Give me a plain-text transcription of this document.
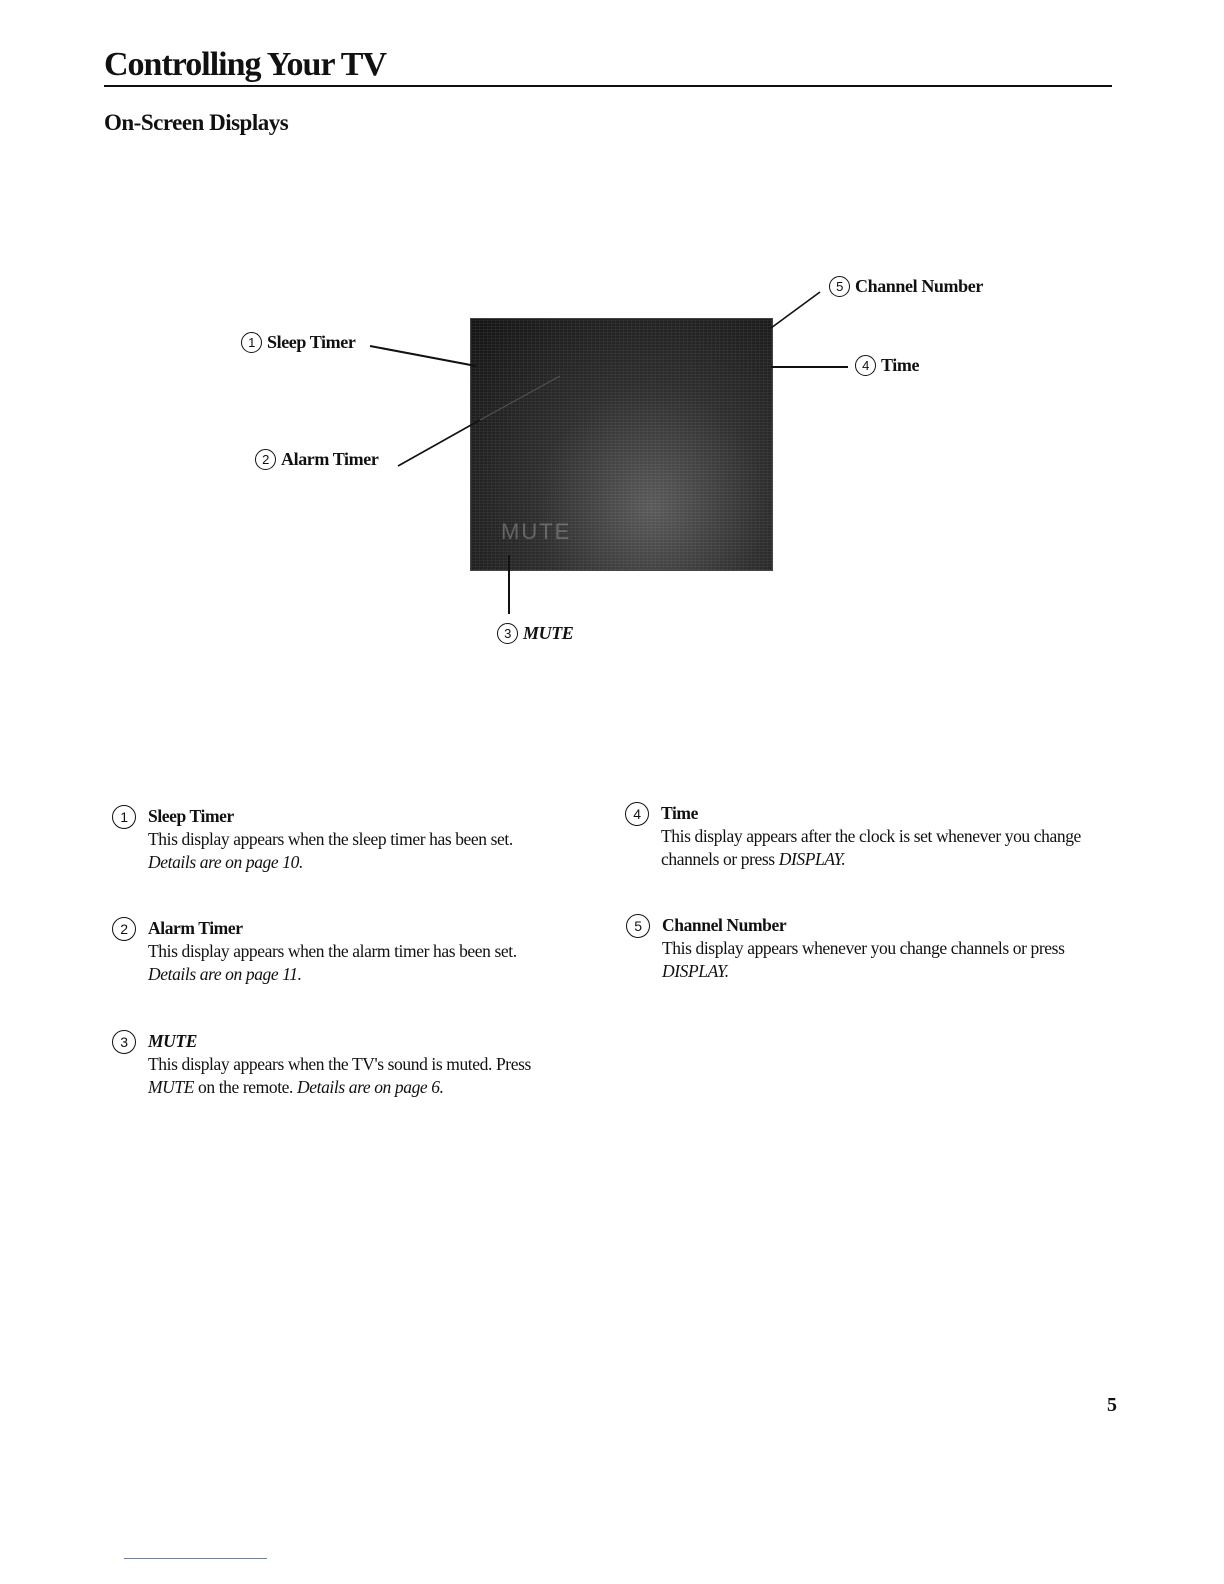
Controlling Your TV
On-Screen Displays
MUTE
1 Sleep Timer
2 Alarm Timer
3 MUTE
4 Time
5 Channel Number
1	Sleep Timer

This display appears when the sleep timer has been set.

Details are on page 10.
2	Alarm Timer

This display appears when the alarm timer has been set.

Details are on page 11.
3	MUTE

This display appears when the TV's sound is muted. Press
MUTE on the remote. Details are on page 6.

4	Time

This display appears after the clock is set whenever you change channels or press DISPLAY.

5	Channel Number

This display appears whenever you change channels or press DISPLAY.

5
